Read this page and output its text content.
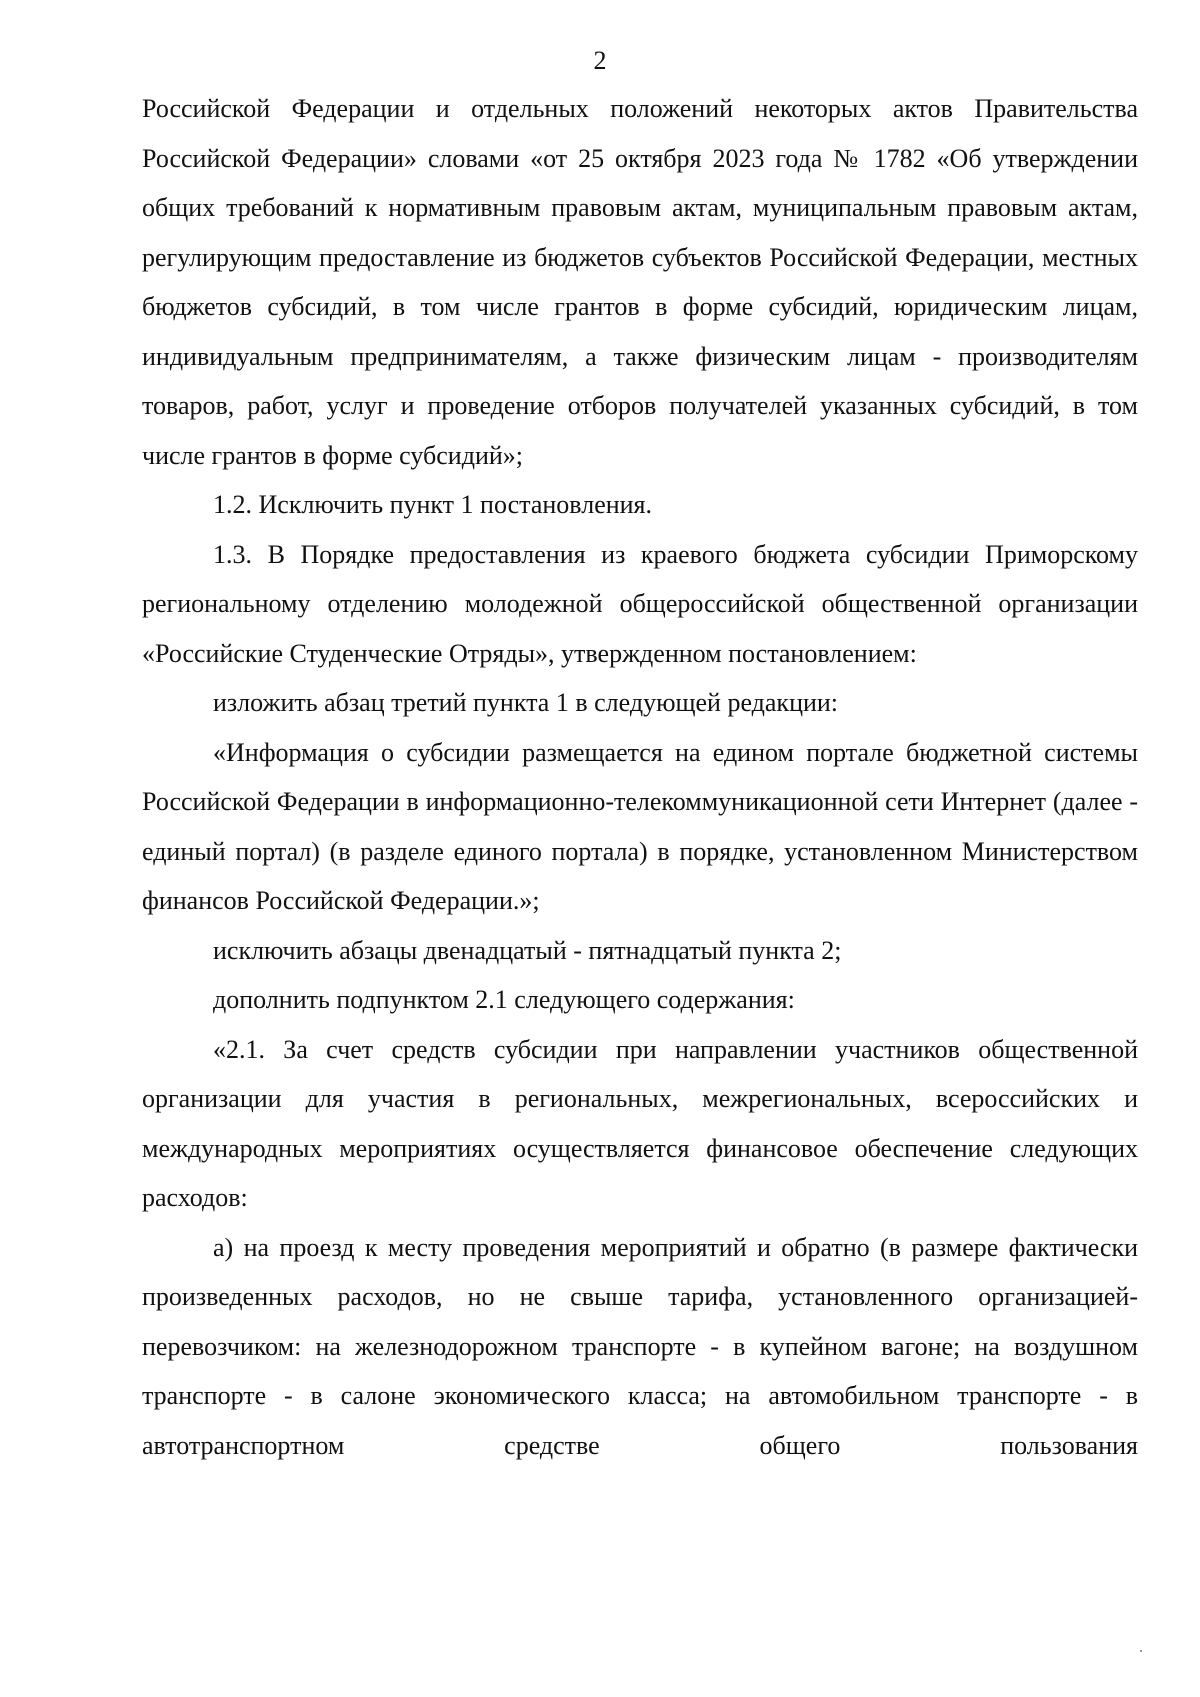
2

Российской Федерации и отдельных положений некоторых актов Правительства Российской Федерации» словами «от 25 октября 2023 года № 1782 «Об утверждении общих требований к нормативным правовым актам, муниципальным правовым актам, регулирующим предоставление из бюджетов субъектов Российской Федерации, местных бюджетов субсидий, в том числе грантов в форме субсидий, юридическим лицам, индивидуальным предпринимателям, а также физическим лицам - производителям товаров, работ, услуг и проведение отборов получателей указанных субсидий, в том числе грантов в форме субсидий»;

1.2. Исключить пункт 1 постановления.

1.3. В Порядке предоставления из краевого бюджета субсидии Приморскому региональному отделению молодежной общероссийской общественной организации «Российские Студенческие Отряды», утвержденном постановлением:

изложить абзац третий пункта 1 в следующей редакции:

«Информация о субсидии размещается на едином портале бюджетной системы Российской Федерации в информационно-телекоммуникационной сети Интернет (далее - единый портал) (в разделе единого портала) в порядке, установленном Министерством финансов Российской Федерации.»;

исключить абзацы двенадцатый - пятнадцатый пункта 2;

дополнить подпунктом 2.1 следующего содержания:

«2.1. За счет средств субсидии при направлении участников общественной организации для участия в региональных, межрегиональных, всероссийских и международных мероприятиях осуществляется финансовое обеспечение следующих расходов:

а) на проезд к месту проведения мероприятий и обратно (в размере фактически произведенных расходов, но не свыше тарифа, установленного организацией-перевозчиком: на железнодорожном транспорте - в купейном вагоне; на воздушном транспорте - в салоне экономического класса; на автомобильном транспорте - в автотранспортном средстве общего пользования
